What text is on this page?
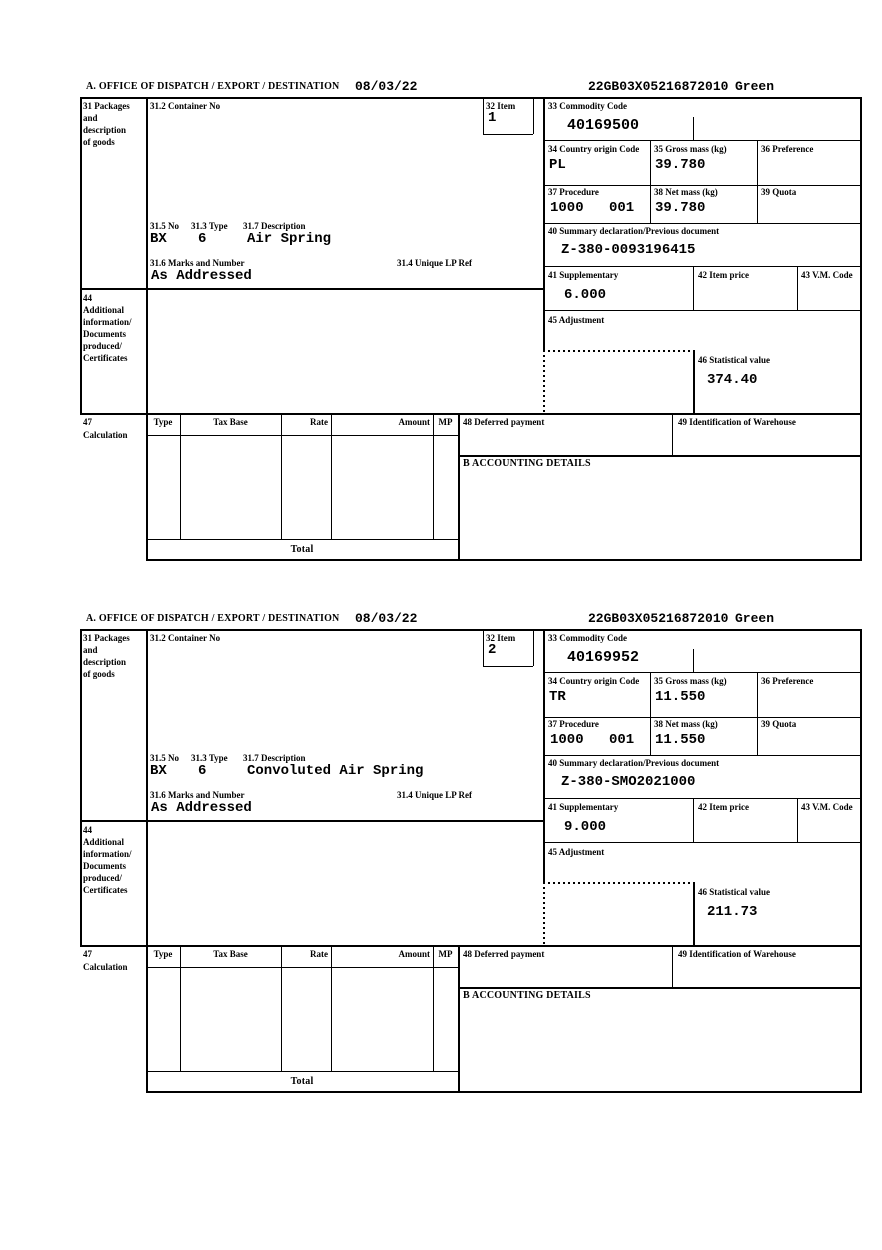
A. OFFICE OF DISPATCH / EXPORT / DESTINATION 08/03/22	22GB03X05216872010 Green
31 Packages
and
description
of goods
31.2 Container No	32 Item
1
33 Commodity Code
40169500
34 Country origin Code
PL
35 Gross mass (kg)
39.780
36 Preference
37 Procedure
1000 001
38 Net mass (kg)
39.780
39 Quota
31.5 No 31.3 Type 31.7 Description
BX 6	Air Spring	40 Summary declaration/Previous document
Z-380-0093196415
31.6 Marks and Number	31.4 Unique LP Ref
As Addressed	41 Supplementary
6.000
42 Item price	43 V.M. Code
44
Additional
information/
Documents
produced/
Certificates
45 Adjustment
46 Statistical value
374.40
47
Calculation
Type	Tax Base	Rate	Amount MP	48 Deferred payment	49 Identification of Warehouse
B ACCOUNTING DETAILS
Total
A. OFFICE OF DISPATCH / EXPORT / DESTINATION 08/03/22	22GB03X05216872010 Green
31 Packages
and
description
of goods
31.2 Container No	32 Item
2
33 Commodity Code
40169952
34 Country origin Code
TR
35 Gross mass (kg)
11.550
36 Preference
37 Procedure
1000 001
38 Net mass (kg)
11.550
39 Quota
31.5 No 31.3 Type 31.7 Description
BX 6	Convoluted Air Spring	40 Summary declaration/Previous document
Z-380-SMO2021000
31.6 Marks and Number	31.4 Unique LP Ref
As Addressed	41 Supplementary
9.000
42 Item price	43 V.M. Code
44
Additional
information/
Documents
produced/
Certificates
45 Adjustment
46 Statistical value
211.73
47
Calculation
Type	Tax Base	Rate	Amount MP	48 Deferred payment	49 Identification of Warehouse
B ACCOUNTING DETAILS
Total
